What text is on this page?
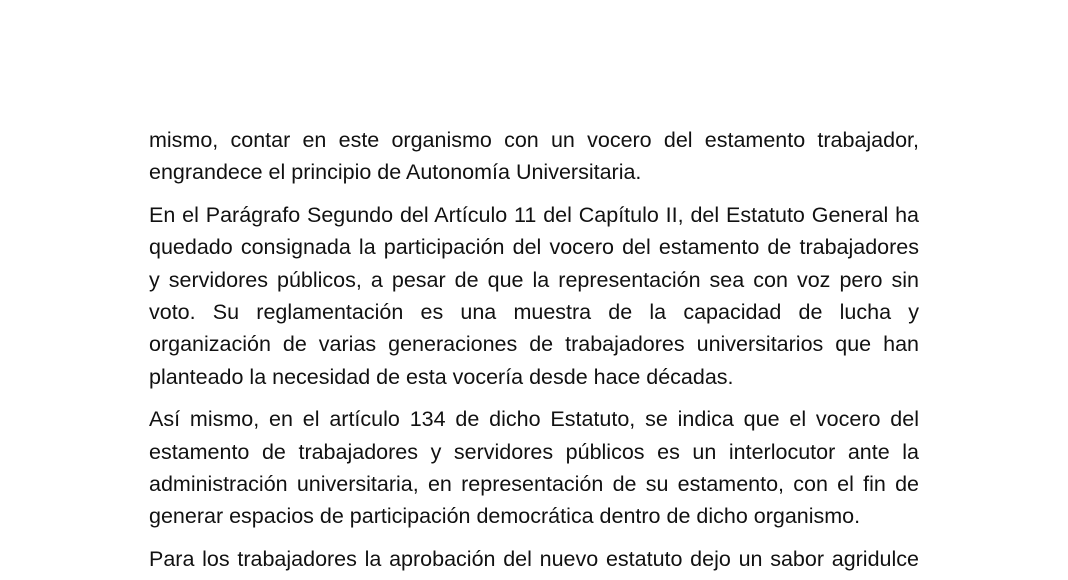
mismo, contar en este organismo con un vocero del estamento trabajador,
engrandece el principio de Autonomía Universitaria.
En el Parágrafo Segundo del Artículo 11 del Capítulo II, del Estatuto General ha
quedado consignada la participación del vocero del estamento de trabajadores
y servidores públicos, a pesar de que la representación sea con voz pero sin
voto. Su reglamentación es una muestra de la capacidad de lucha y
organización de varias generaciones de trabajadores universitarios que han
planteado la necesidad de esta vocería desde hace décadas.
Así mismo, en el artículo 134 de dicho Estatuto, se indica que el vocero del
estamento de trabajadores y servidores públicos es un interlocutor ante la
administración universitaria, en representación de su estamento, con el fin de
generar espacios de participación democrática dentro de dicho organismo.
Para los trabajadores la aprobación del nuevo estatuto dejo un sabor agridulce
